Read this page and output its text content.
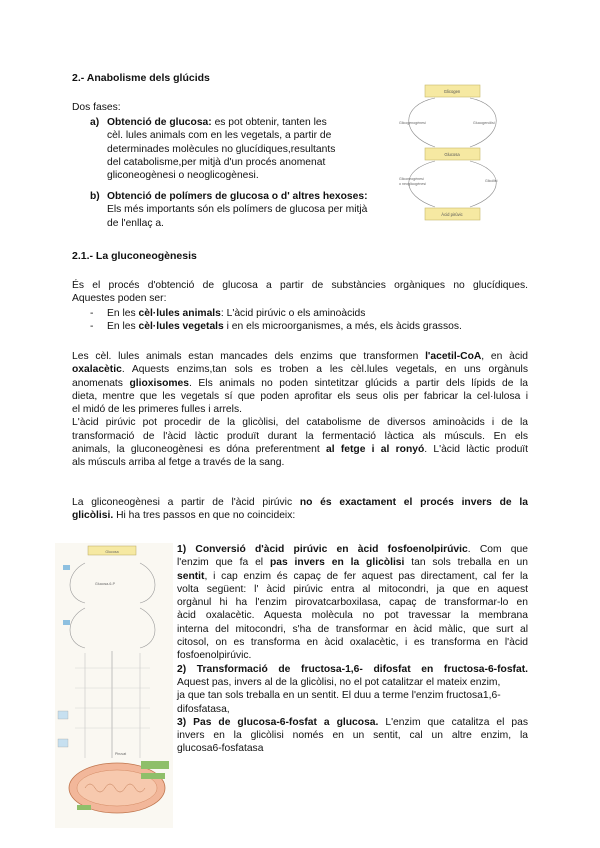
2.- Anabolisme dels glúcids
Dos fases:
a) Obtenció de glucosa: es pot obtenir, tanten les
cèl. lules animals com en les vegetals, a partir de
determinades molècules no glucídiques,resultants
del catabolisme,per mitjà d'un procés anomenat
gliconeogènesi o neoglicogènesi.
b) Obtenció de polímers de glucosa o d' altres hexoses:
Els més importants són els polímers de glucosa per mitjà
de l'enllaç a.
Glicogen
Glucosa
Àcid pirúvic
Glicogenogènesi	Glucogenòlisi
Gliconeogènesi
o neoglicogènesi
Glicòlisi
2.1.- La gluconeogènesis
És el procés d'obtenció de glucosa a partir de substàncies orgàniques no glucídiques.
Aquestes poden ser:
- En les cèl·lules animals: L'àcid pirúvic o els aminoàcids
- En les cèl·lules vegetals i en els microorganismes, a més, els àcids grassos.
Les cèl. lules animals estan mancades dels enzims que transformen l'acetil-CoA, en àcid
oxalacètic. Aquests enzims,tan sols es troben a les cèl.lules vegetals, en uns orgànuls
anomenats glioxisomes. Els animals no poden sintetitzar glúcids a partir dels lípids de la
dieta, mentre que les vegetals sí que poden aprofitar els seus olis per fabricar la cel·lulosa i
el midó de les primeres fulles i arrels.
L'àcid pirúvic pot procedir de la glicòlisi, del catabolisme de diversos aminoàcids i de la
transformació de l'àcid làctic produït durant la fermentació làctica als músculs. En els
animals, la gluconeogènesi es dóna preferentment al fetge i al ronyó. L'àcid làctic produït
als músculs arriba al fetge a través de la sang.
La gliconeogènesi a partir de l'àcid pirúvic no és exactament el procés invers de la
glicòlisi. Hi ha tres passos en que no coincideix:
Glucosa
Glucosa-6-P
Piruvat
1) Conversió d'àcid pirúvic en àcid fosfoenolpirúvic. Com que
l'enzim que fa el pas invers en la glicòlisi tan sols treballa en un
sentit, i cap enzim és capaç de fer aquest pas directament, cal fer la
volta següent: l' àcid pirúvic entra al mitocondri, ja que en aquest
orgànul hi ha l'enzim pirovatcarboxilasa, capaç de transformar-lo en
àcid oxalacètic. Aquesta molècula no pot travessar la membrana
interna del mitocondri, s'ha de transformar en àcid màlic, que surt al
citosol, on es transforma en àcid oxalacètic, i es transforma en l'àcid
fosfoenolpirúvic.
2) Transformació de fructosa-1,6- difosfat en fructosa-6-fosfat.
Aquest pas, invers al de la glicòlisi, no el pot catalitzar el mateix enzim,
ja que tan sols treballa en un sentit. El duu a terme l'enzim fructosa1,6-
difosfatasa,
3) Pas de glucosa-6-fosfat a glucosa. L'enzim que catalitza el pas
invers en la glicòlisi només en un sentit, cal un altre enzim, la
glucosa6-fosfatasa
